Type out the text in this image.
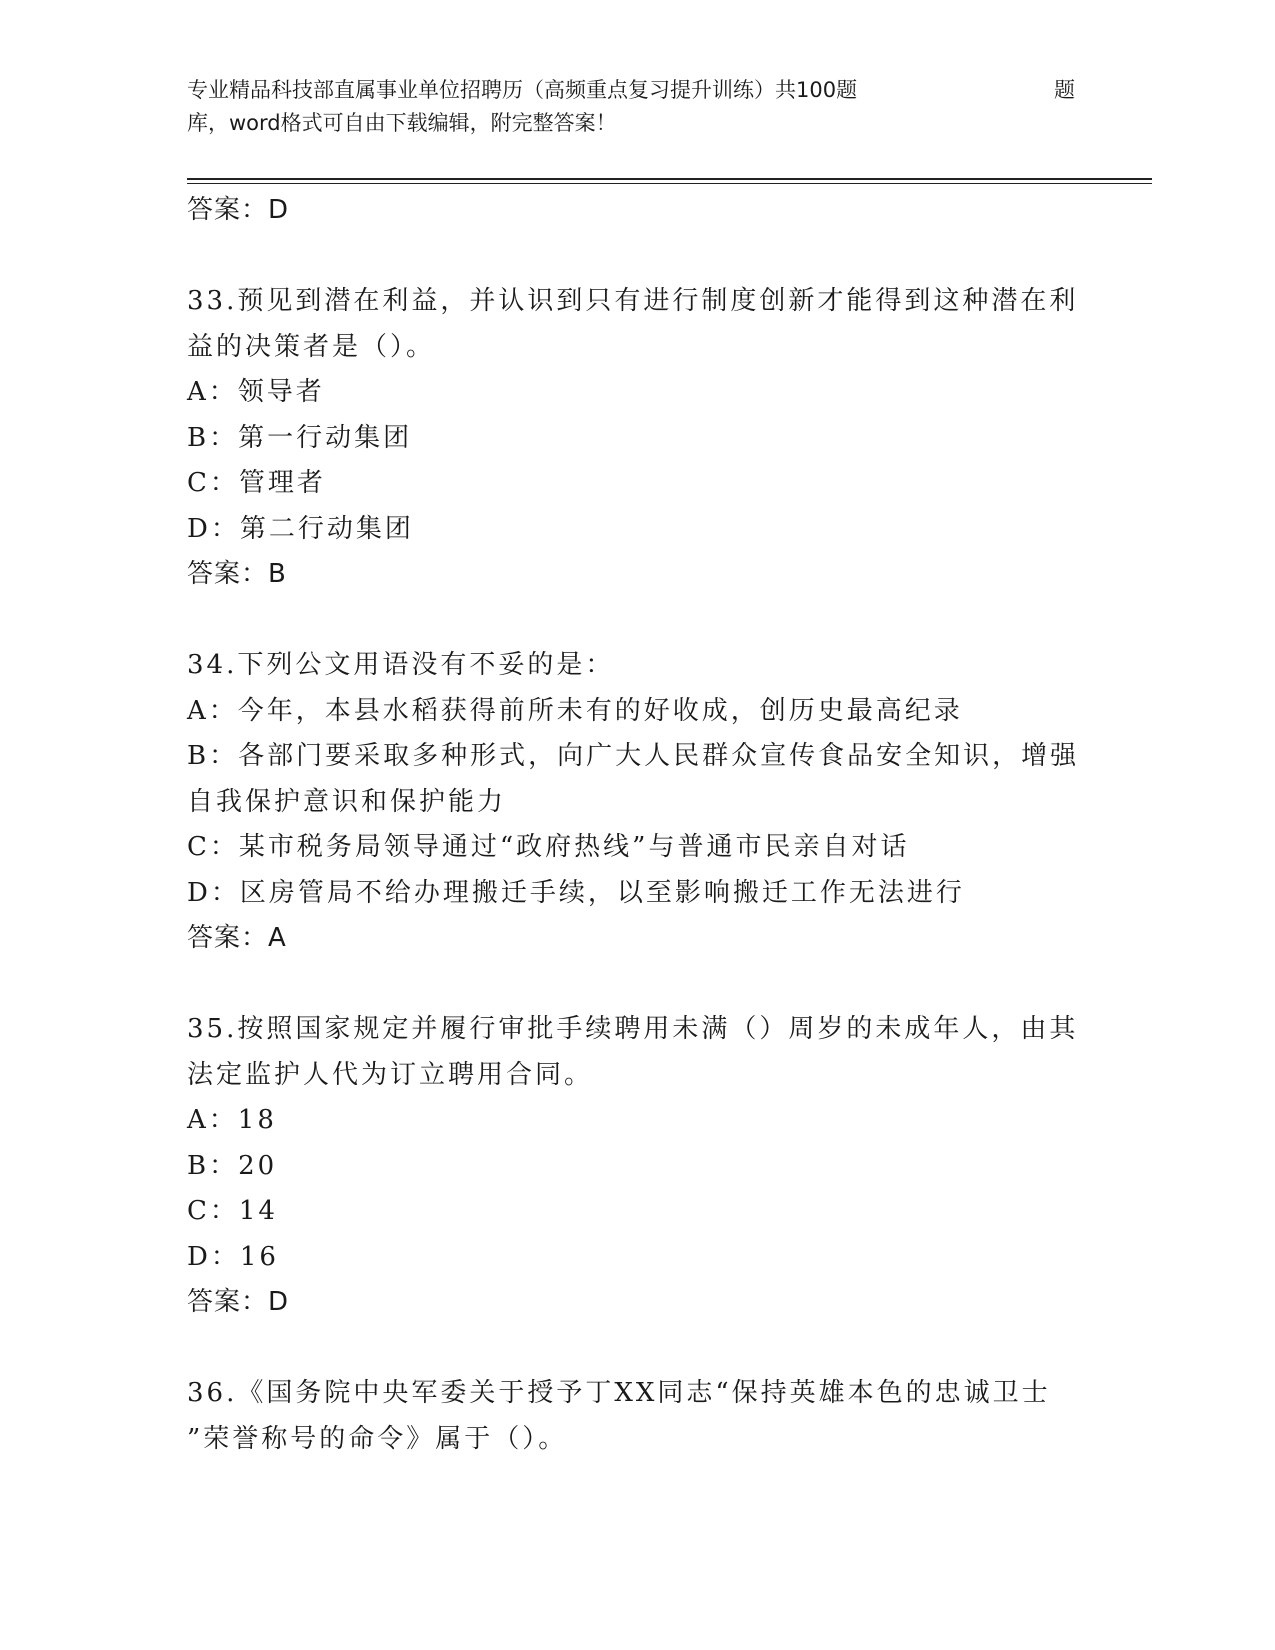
专业精品科技部直属事业单位招聘历（高频重点复习提升训练）共100题	题
库，word格式可自由下载编辑，附完整答案！
答案：D
33.预见到潜在利益，并认识到只有进行制度创新才能得到这种潜在利
益的决策者是（）。
A：领导者
B：第一行动集团
C：管理者
D：第二行动集团
答案：B
34.下列公文用语没有不妥的是：
A：今年，本县水稻获得前所未有的好收成，创历史最高纪录
B：各部门要采取多种形式，向广大人民群众宣传食品安全知识，增强
自我保护意识和保护能力
C：某市税务局领导通过“政府热线”与普通市民亲自对话
D：区房管局不给办理搬迁手续，以至影响搬迁工作无法进行
答案：A
35.按照国家规定并履行审批手续聘用未满（）周岁的未成年人，由其
法定监护人代为订立聘用合同。
A：18
B：20
C：14
D：16
答案：D
36.《国务院中央军委关于授予丁XX同志“保持英雄本色的忠诚卫士
”荣誉称号的命令》属于（）。
